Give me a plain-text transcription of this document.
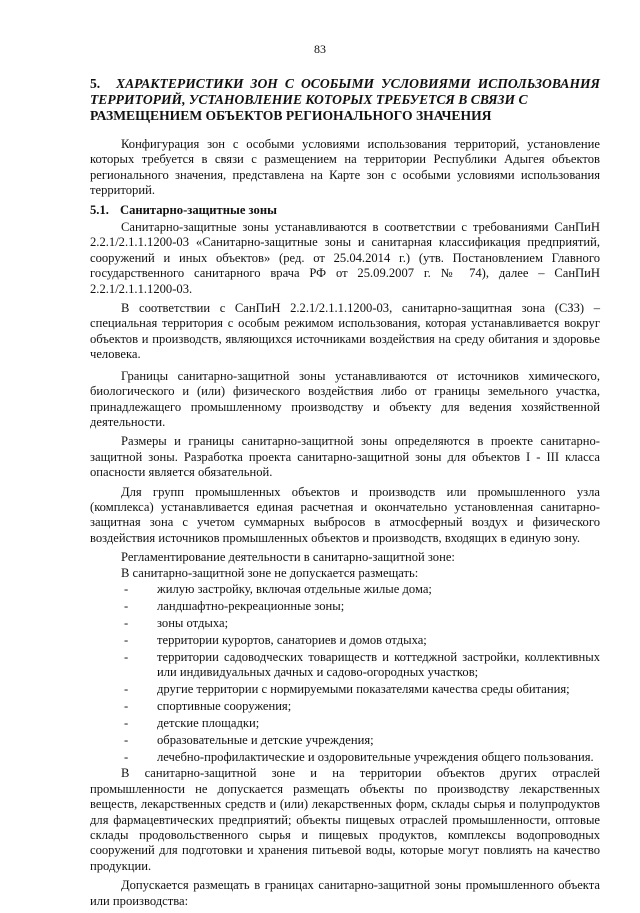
83
5. ХАРАКТЕРИСТИКИ ЗОН С ОСОБЫМИ УСЛОВИЯМИ ИСПОЛЬЗОВАНИЯ ТЕРРИТОРИЙ, УСТАНОВЛЕНИЕ КОТОРЫХ ТРЕБУЕТСЯ В СВЯЗИ С
РАЗМЕЩЕНИЕМ ОБЪЕКТОВ РЕГИОНАЛЬНОГО ЗНАЧЕНИЯ

Конфигурация зон с особыми условиями использования территорий, установление которых требуется в связи с размещением на территории Республики Адыгея объектов регионального значения, представлена на Карте зон с особыми условиями использования территорий.

5.1. Санитарно-защитные зоны

Санитарно-защитные зоны устанавливаются в соответствии с требованиями СанПиН 2.2.1/2.1.1.1200-03 «Санитарно-защитные зоны и санитарная классификация предприятий, сооружений и иных объектов» (ред. от 25.04.2014 г.) (утв. Постановлением Главного государственного санитарного врача РФ от 25.09.2007 г. № 74), далее – СанПиН 2.2.1/2.1.1.1200-03.

В соответствии с СанПиН 2.2.1/2.1.1.1200-03, санитарно-защитная зона (СЗЗ) – специальная территория с особым режимом использования, которая устанавливается вокруг объектов и производств, являющихся источниками воздействия на среду обитания и здоровье человека.

Границы санитарно-защитной зоны устанавливаются от источников химического, биологического и (или) физического воздействия либо от границы земельного участка, принадлежащего промышленному производству и объекту для ведения хозяйственной деятельности.

Размеры и границы санитарно-защитной зоны определяются в проекте санитарно-защитной зоны. Разработка проекта санитарно-защитной зоны для объектов I - III класса опасности является обязательной.

Для групп промышленных объектов и производств или промышленного узла (комплекса) устанавливается единая расчетная и окончательно установленная санитарно-защитная зона с учетом суммарных выбросов в атмосферный воздух и физического воздействия источников промышленных объектов и производств, входящих в единую зону.

Регламентирование деятельности в санитарно-защитной зоне:

В санитарно-защитной зоне не допускается размещать:

- жилую застройку, включая отдельные жилые дома;
- ландшафтно-рекреационные зоны;
- зоны отдыха;
- территории курортов, санаториев и домов отдыха;
- территории садоводческих товариществ и коттеджной застройки, коллективных или индивидуальных дачных и садово-огородных участков;
- другие территории с нормируемыми показателями качества среды обитания;
- спортивные сооружения;
- детские площадки;
- образовательные и детские учреждения;
- лечебно-профилактические и оздоровительные учреждения общего пользования.

В санитарно-защитной зоне и на территории объектов других отраслей промышленности не допускается размещать объекты по производству лекарственных веществ, лекарственных средств и (или) лекарственных форм, склады сырья и полупродуктов для фармацевтических предприятий; объекты пищевых отраслей промышленности, оптовые склады продовольственного сырья и пищевых продуктов, комплексы водопроводных сооружений для подготовки и хранения питьевой воды, которые могут повлиять на качество продукции.

Допускается размещать в границах санитарно-защитной зоны промышленного объекта или производства:
